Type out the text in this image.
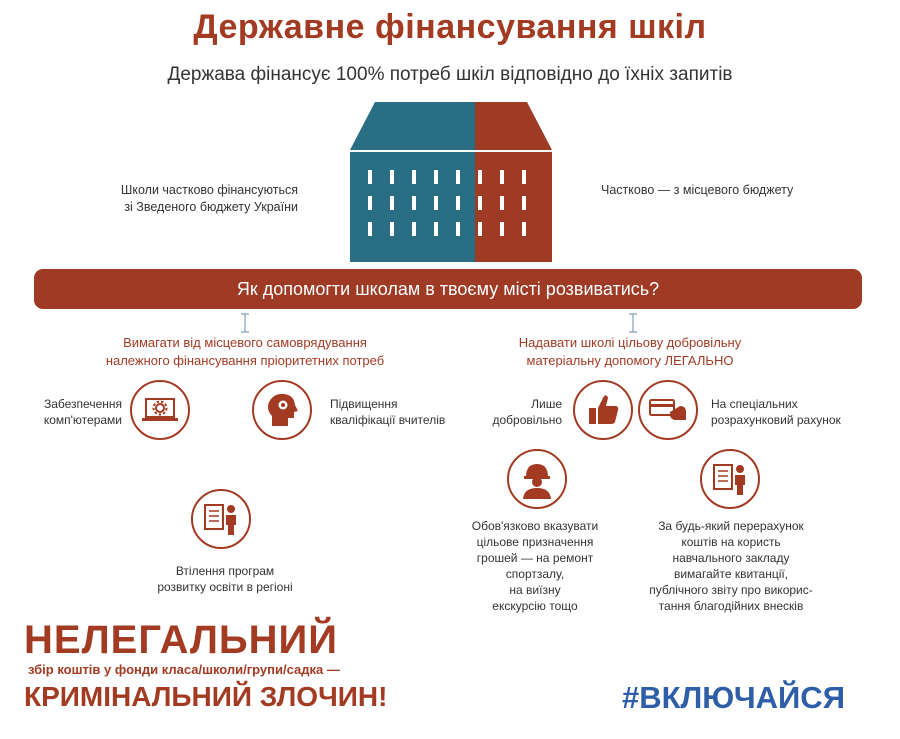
Державне фінансування шкіл
Держава фінансує 100% потреб шкіл відповідно до їхніх запитів
Школи частково фінансуються
зі Зведеного бюджету України
Частково — з місцевого бюджету
Як допомогти школам в твоєму місті розвиватись?
Вимагати від місцевого самоврядування
належного фінансування пріоритетних потреб
Надавати школі цільову добровільну
матеріальну допомогу ЛЕГАЛЬНО
Забезпечення
комп'ютерами
Підвищення
кваліфікації вчителів
Втілення програм
розвитку освіти в регіоні
Лише
добровільно
На спеціальних
розрахунковий рахунок
Обов'язково вказувати
цільове призначення
грошей — на ремонт
спортзалу,
на виїзну
екскурсію тощо
За будь-який перерахунок
коштів на користь
навчального закладу
вимагайте квитанції,
публічного звіту про викорис-
тання благодійних внесків
НЕЛЕГАЛЬНИЙ
збір коштів у фонди класа/школи/групи/садка —
КРИМІНАЛЬНИЙ ЗЛОЧИН!	#ВКЛЮЧАЙСЯ
